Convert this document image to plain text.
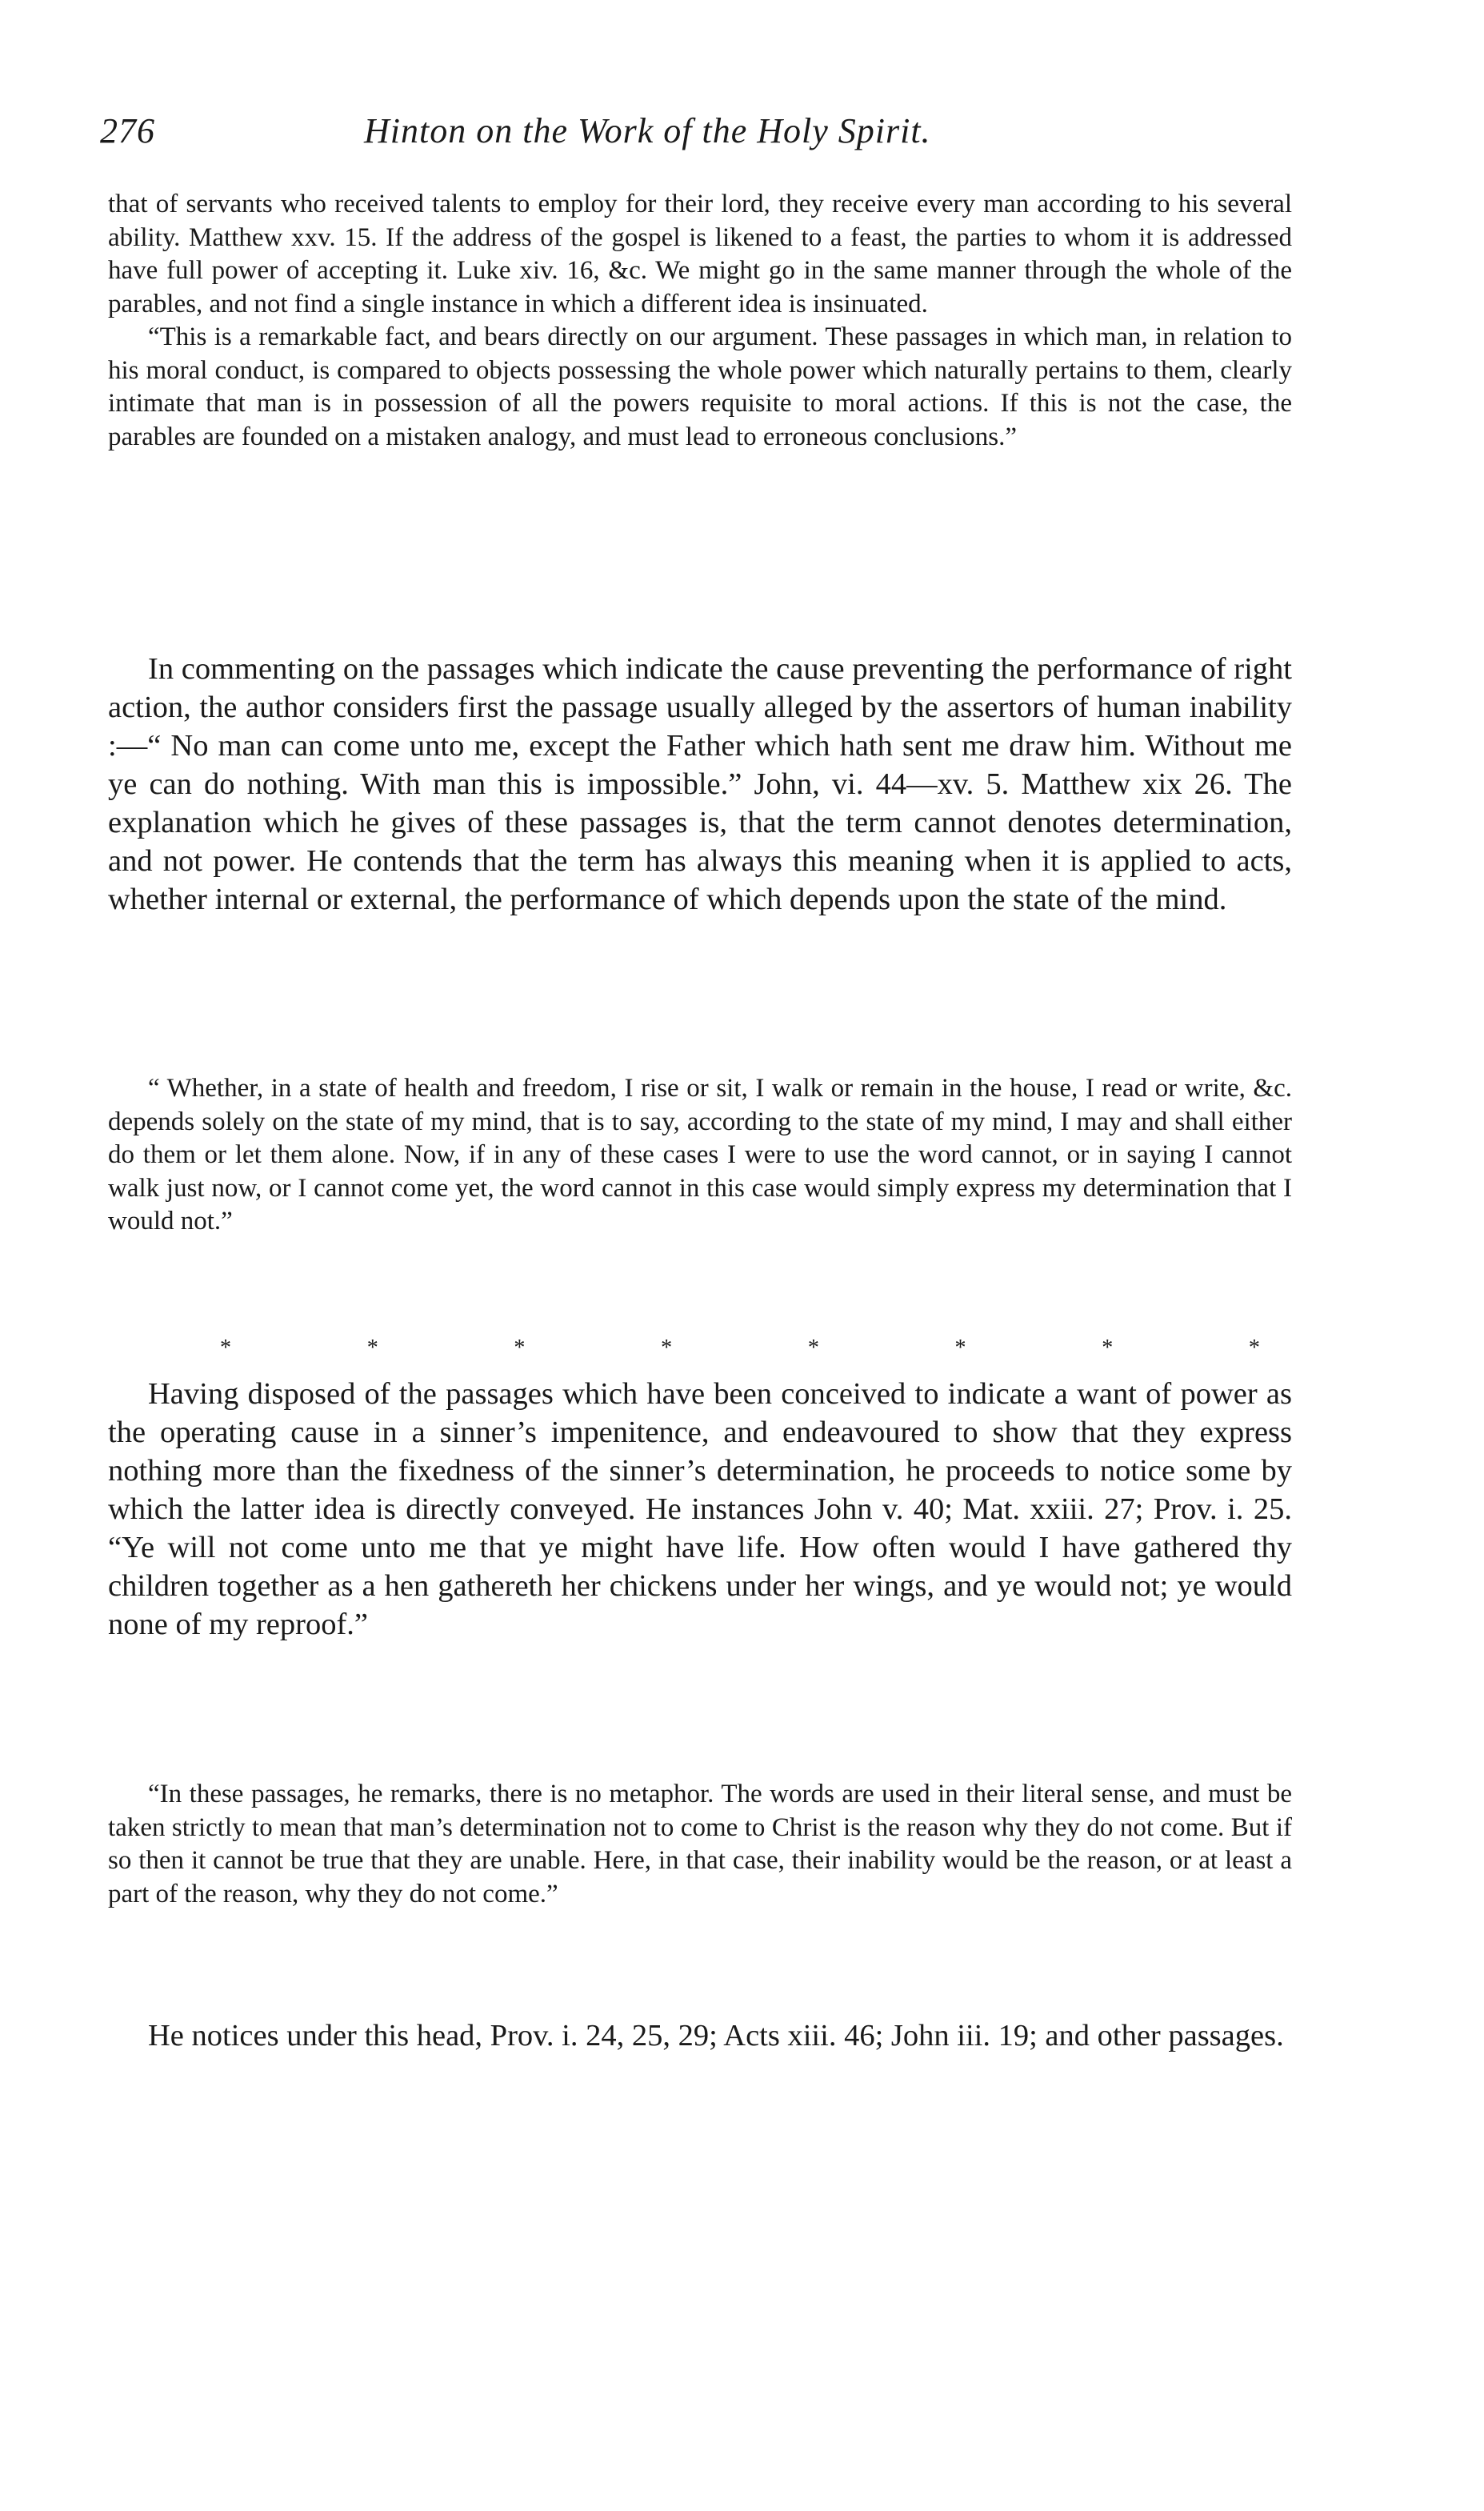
276	Hinton on the Work of the Holy Spirit.

that of servants who received talents to employ for their lord, they receive every man according to his several ability. Matthew xxv. 15. If the address of the gospel is likened to a feast, the parties to whom it is addressed have full power of accepting it. Luke xiv. 16, &c. We might go in the same manner through the whole of the parables, and not find a single instance in which a different idea is insinuated.

“This is a remarkable fact, and bears directly on our argument. These passages in which man, in relation to his moral conduct, is compared to objects possessing the whole power which naturally pertains to them, clearly intimate that man is in possession of all the powers requisite to moral actions. If this is not the case, the parables are founded on a mistaken analogy, and must lead to erroneous conclusions.”

In commenting on the passages which indicate the cause preventing the performance of right action, the author considers first the passage usually alleged by the assertors of human inability :—“ No man can come unto me, except the Father which hath sent me draw him. Without me ye can do nothing. With man this is impossible.” John, vi. 44—xv. 5. Matthew xix 26. The explanation which he gives of these passages is, that the term cannot denotes determination, and not power. He contends that the term has always this meaning when it is applied to acts, whether internal or external, the performance of which depends upon the state of the mind.

“ Whether, in a state of health and freedom, I rise or sit, I walk or remain in the house, I read or write, &c. depends solely on the state of my mind, that is to say, according to the state of my mind, I may and shall either do them or let them alone. Now, if in any of these cases I were to use the word cannot, or in saying I cannot walk just now, or I cannot come yet, the word cannot in this case would simply express my determination that I would not.”

*	*	*	*	*	*	*	*

Having disposed of the passages which have been conceived to indicate a want of power as the operating cause in a sinner’s impenitence, and endeavoured to show that they express nothing more than the fixedness of the sinner’s determination, he proceeds to notice some by which the latter idea is directly conveyed. He instances John v. 40; Mat. xxiii. 27; Prov. i. 25. “Ye will not come unto me that ye might have life. How often would I have gathered thy children together as a hen gathereth her chickens under her wings, and ye would not; ye would none of my reproof.”

“In these passages, he remarks, there is no metaphor. The words are used in their literal sense, and must be taken strictly to mean that man’s determination not to come to Christ is the reason why they do not come. But if so then it cannot be true that they are unable. Here, in that case, their inability would be the reason, or at least a part of the reason, why they do not come.”

He notices under this head, Prov. i. 24, 25, 29; Acts xiii. 46; John iii. 19; and other passages.
